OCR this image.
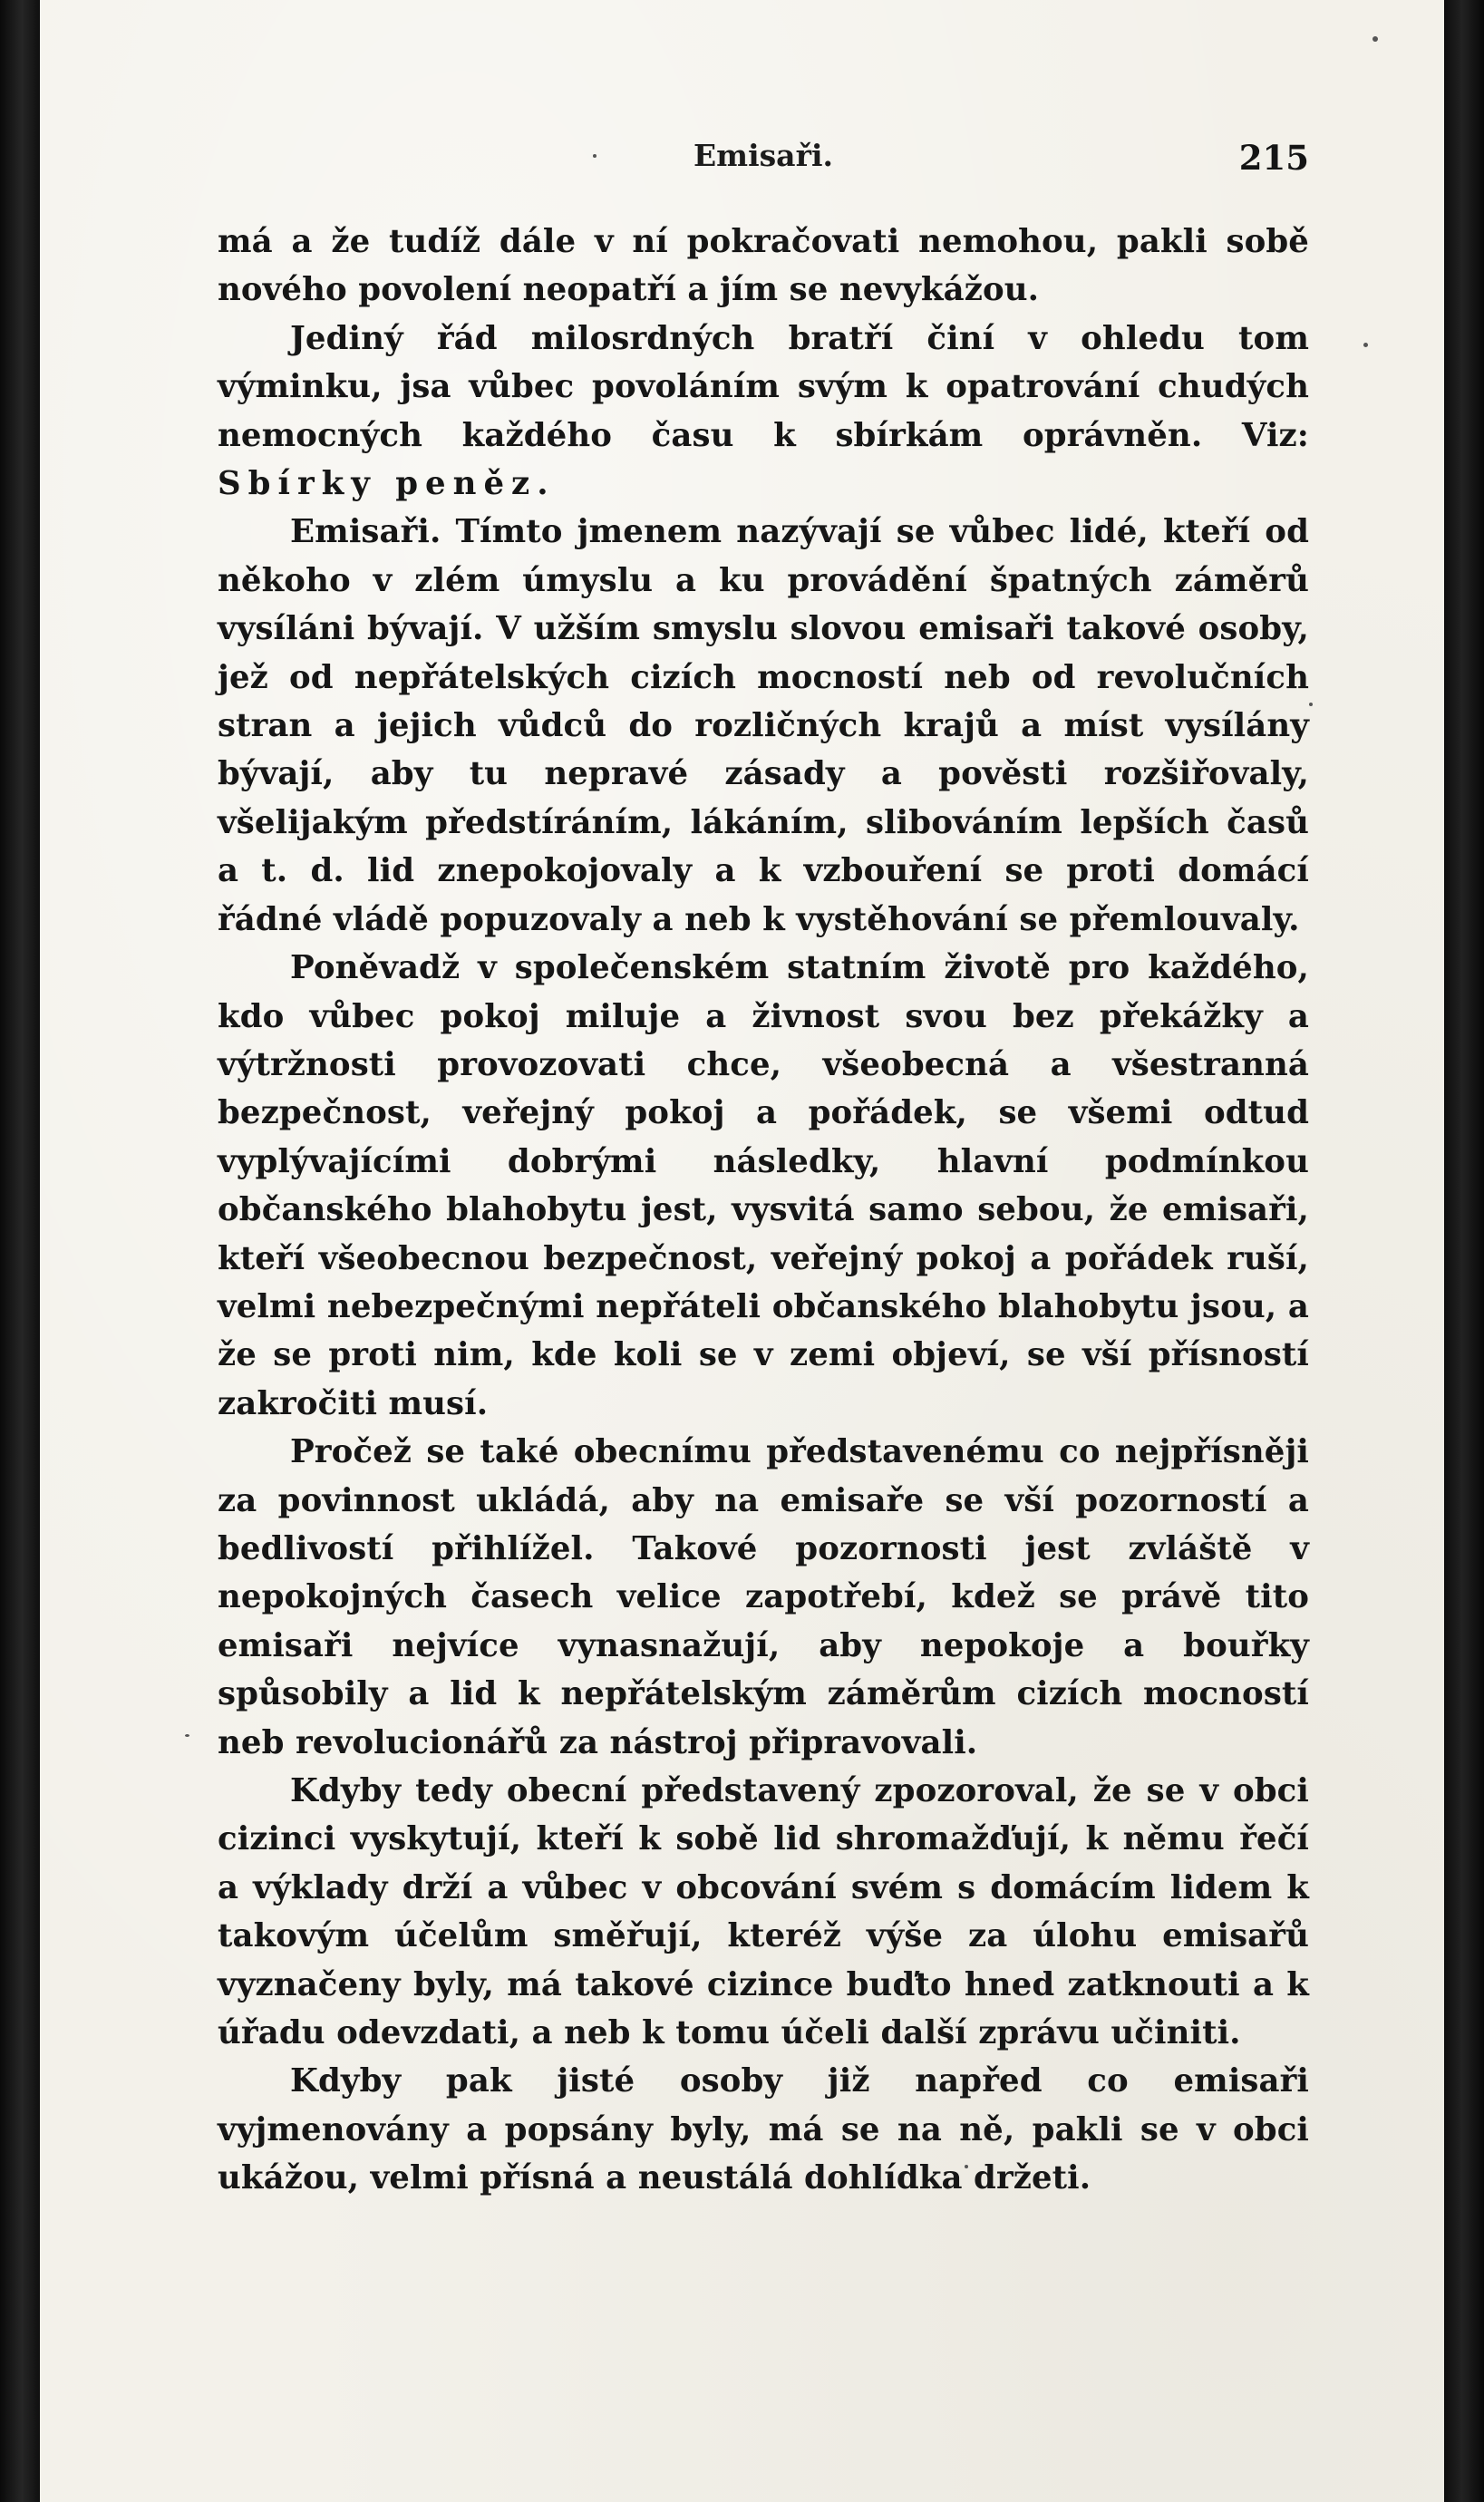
Emisaři.	215

má a že tudíž dále v ní pokračovati nemohou, pakli sobě nového povolení neopatří a jím se nevykážou.

Jediný řád milosrdných bratří činí v ohledu tom výminku, jsa vůbec povoláním svým k opatrování chudých nemocných každého času k sbírkám oprávněn. Viz: Sbírky peněz.

Emisaři. Tímto jmenem nazývají se vůbec lidé, kteří od někoho v zlém úmyslu a ku provádění špatných záměrů vysíláni bývají. V užším smyslu slovou emisaři takové osoby, jež od nepřátelských cizích mocností neb od revolučních stran a jejich vůdců do rozličných krajů a míst vysílány bývají, aby tu nepravé zásady a pověsti rozšiřovaly, všelijakým předstíráním, lákáním, slibováním lepších časů a t. d. lid znepokojovaly a k vzbouření se proti domácí řádné vládě popuzovaly a neb k vystěhování se přemlouvaly.

Poněvadž v společenském statním životě pro každého, kdo vůbec pokoj miluje a živnost svou bez překážky a výtržnosti provozovati chce, všeobecná a všestranná bezpečnost, veřejný pokoj a pořádek, se všemi odtud vyplývajícími dobrými následky, hlavní podmínkou občanského blahobytu jest, vysvitá samo sebou, že emisaři, kteří všeobecnou bezpečnost, veřejný pokoj a pořádek ruší, velmi nebezpečnými nepřáteli občanského blahobytu jsou, a že se proti nim, kde koli se v zemi objeví, se vší přísností zakročiti musí.

Pročež se také obecnímu představenému co nejpřísněji za povinnost ukládá, aby na emisaře se vší pozorností a bedlivostí přihlížel. Takové pozornosti jest zvláště v nepokojných časech velice zapotřebí, kdež se právě tito emisaři nejvíce vynasnažují, aby nepokoje a bouřky spůsobily a lid k nepřátelským záměrům cizích mocností neb revolucionářů za nástroj připravovali.

Kdyby tedy obecní představený zpozoroval, že se v obci cizinci vyskytují, kteří k sobě lid shromažďují, k němu řečí a výklady drží a vůbec v obcování svém s domácím lidem k takovým účelům směřují, kteréž výše za úlohu emisařů vyznačeny byly, má takové cizince buďto hned zatknouti a k úřadu odevzdati, a neb k tomu účeli další zprávu učiniti.

Kdyby pak jisté osoby již napřed co emisaři vyjmenovány a popsány byly, má se na ně, pakli se v obci ukážou, velmi přísná a neustálá dohlídka držeti.
